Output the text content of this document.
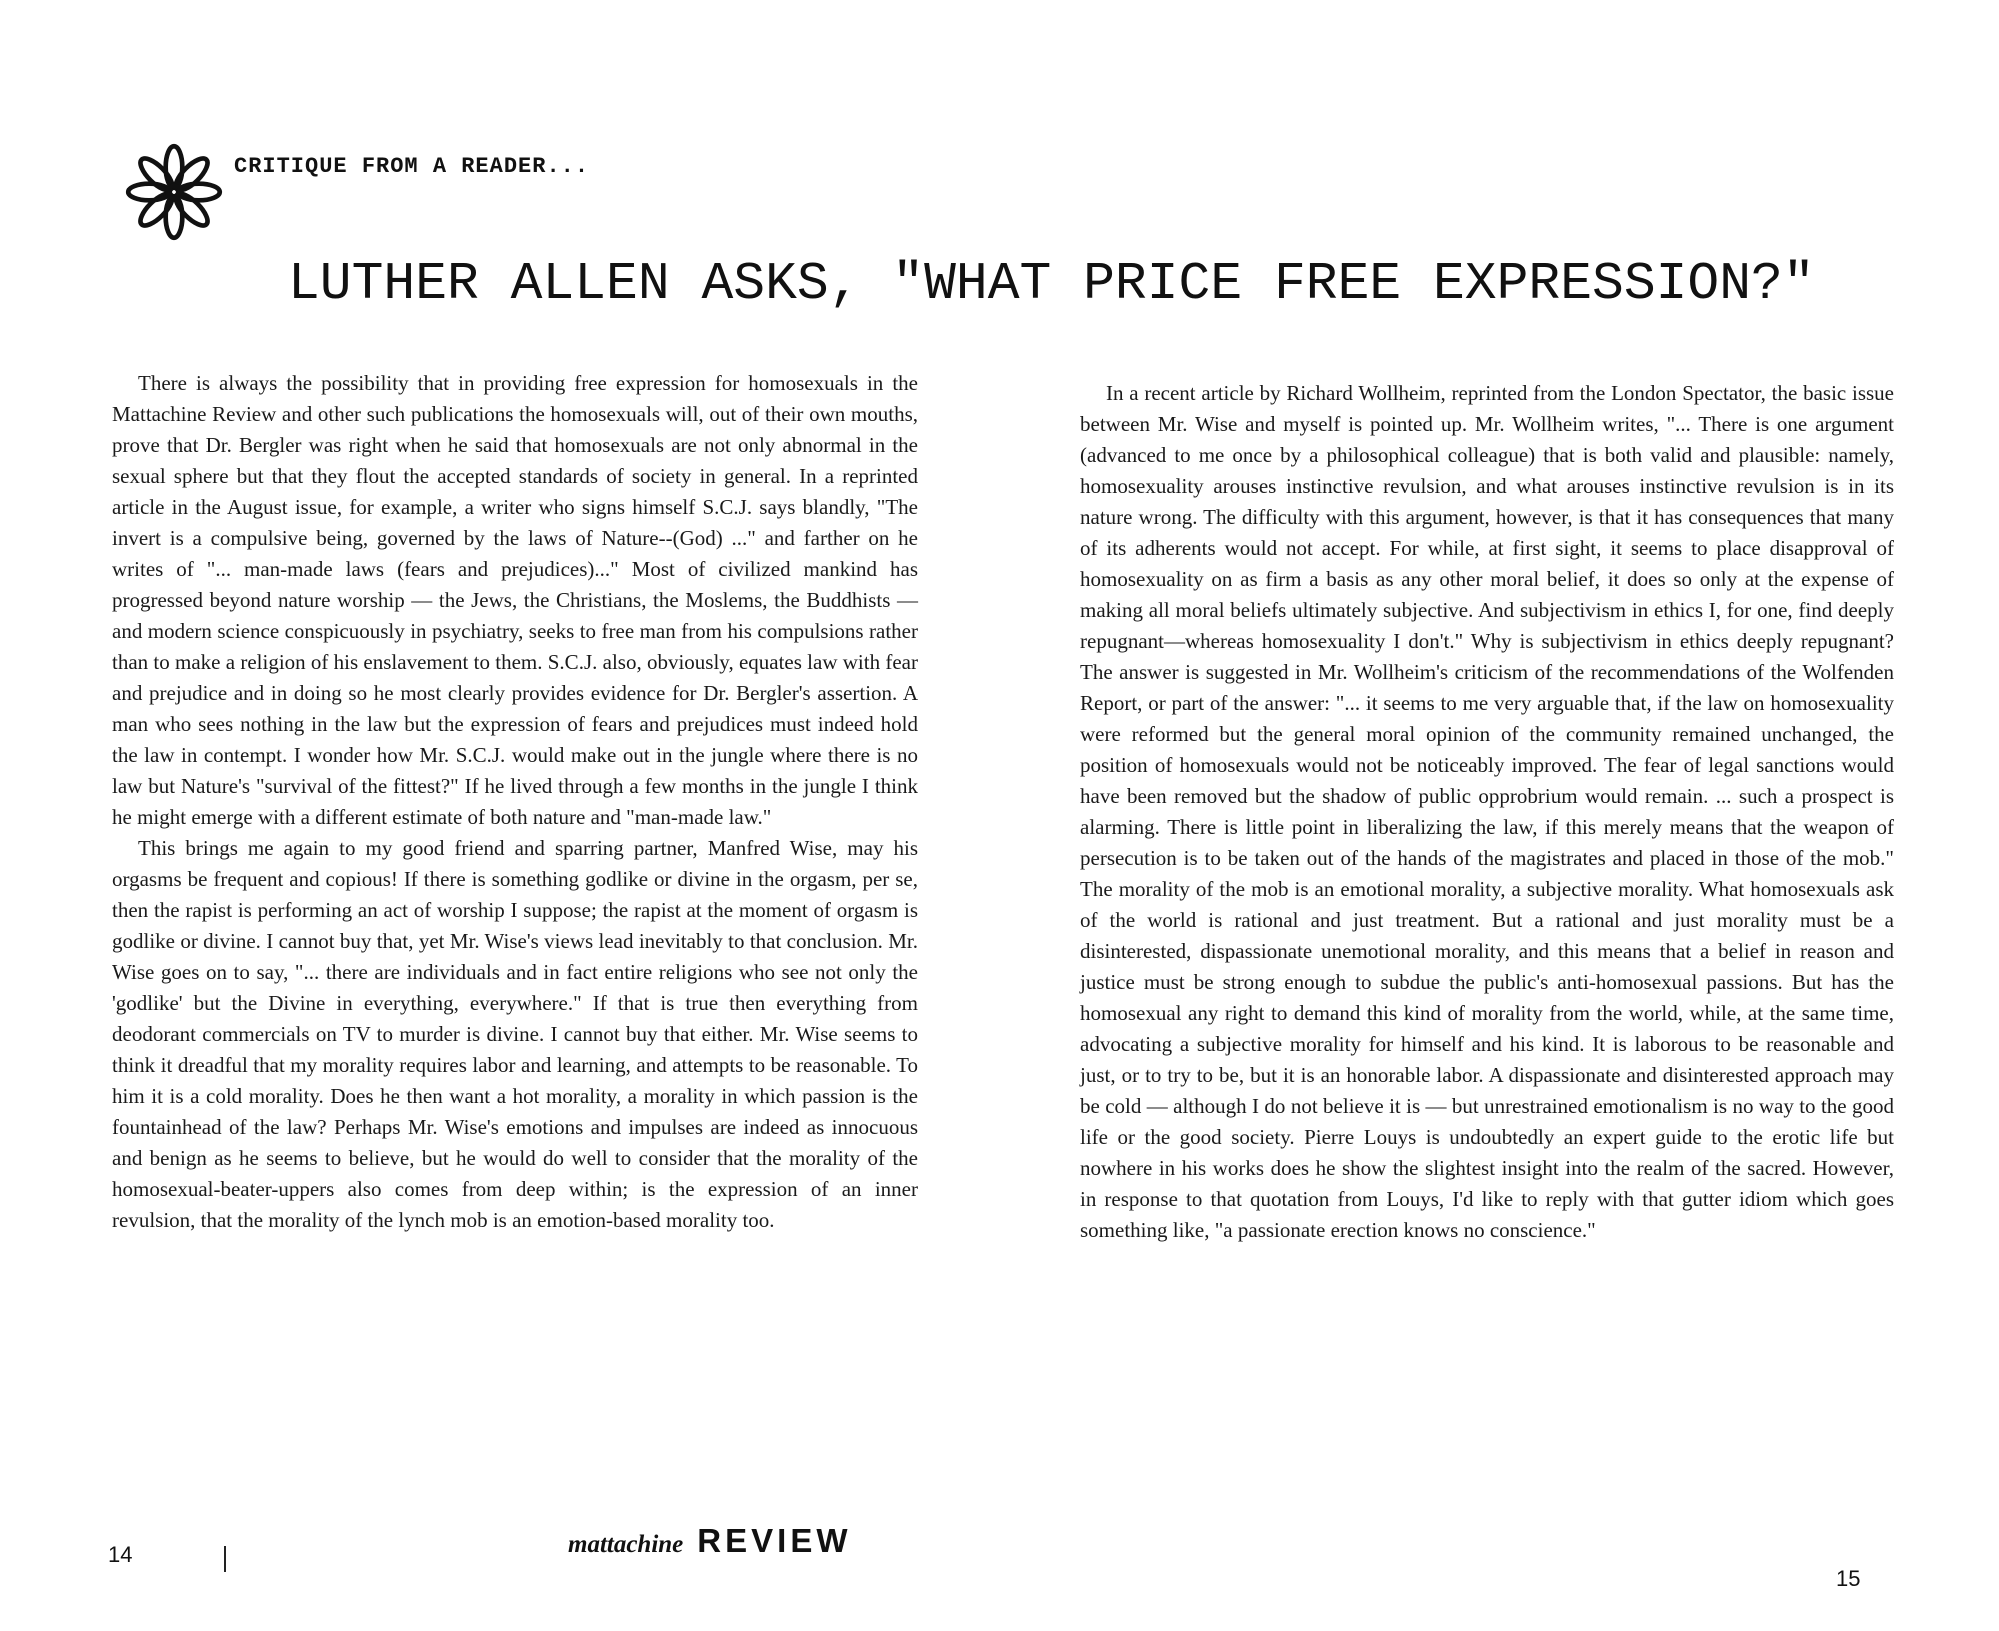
CRITIQUE FROM A READER...
LUTHER ALLEN ASKS, "WHAT PRICE FREE EXPRESSION?"

There is always the possibility that in providing free expression for homosexuals in the Mattachine Review and other such publications the homosexuals will, out of their own mouths, prove that Dr. Bergler was right when he said that homosexuals are not only abnormal in the sexual sphere but that they flout the accepted standards of society in general. In a reprinted article in the August issue, for example, a writer who signs himself S.C.J. says blandly, "The invert is a compulsive being, governed by the laws of Nature--(God) ..." and farther on he writes of "... man-made laws (fears and prejudices)..." Most of civilized mankind has progressed beyond nature worship — the Jews, the Christians, the Moslems, the Buddhists — and modern science conspicuously in psychiatry, seeks to free man from his compulsions rather than to make a religion of his enslavement to them. S.C.J. also, obviously, equates law with fear and prejudice and in doing so he most clearly provides evidence for Dr. Bergler's assertion. A man who sees nothing in the law but the expression of fears and prejudices must indeed hold the law in contempt. I wonder how Mr. S.C.J. would make out in the jungle where there is no law but Nature's "survival of the fittest?" If he lived through a few months in the jungle I think he might emerge with a different estimate of both nature and "man-made law."

This brings me again to my good friend and sparring partner, Manfred Wise, may his orgasms be frequent and copious! If there is something godlike or divine in the orgasm, per se, then the rapist is performing an act of worship I suppose; the rapist at the moment of orgasm is godlike or divine. I cannot buy that, yet Mr. Wise's views lead inevitably to that conclusion. Mr. Wise goes on to say, "... there are individuals and in fact entire religions who see not only the 'godlike' but the Divine in everything, everywhere." If that is true then everything from deodorant commercials on TV to murder is divine. I cannot buy that either. Mr. Wise seems to think it dreadful that my morality requires labor and learning, and attempts to be reasonable. To him it is a cold morality. Does he then want a hot morality, a morality in which passion is the fountainhead of the law? Perhaps Mr. Wise's emotions and impulses are indeed as innocuous and benign as he seems to believe, but he would do well to consider that the morality of the homosexual-beater-uppers also comes from deep within; is the expression of an inner revulsion, that the morality of the lynch mob is an emotion-based morality too.

In a recent article by Richard Wollheim, reprinted from the London Spectator, the basic issue between Mr. Wise and myself is pointed up. Mr. Wollheim writes, "... There is one argument (advanced to me once by a philosophical colleague) that is both valid and plausible: namely, homosexuality arouses instinctive revulsion, and what arouses instinctive revulsion is in its nature wrong. The difficulty with this argument, however, is that it has consequences that many of its adherents would not accept. For while, at first sight, it seems to place disapproval of homosexuality on as firm a basis as any other moral belief, it does so only at the expense of making all moral beliefs ultimately subjective. And subjectivism in ethics I, for one, find deeply repugnant—whereas homosexuality I don't." Why is subjectivism in ethics deeply repugnant? The answer is suggested in Mr. Wollheim's criticism of the recommendations of the Wolfenden Report, or part of the answer: "... it seems to me very arguable that, if the law on homosexuality were reformed but the general moral opinion of the community remained unchanged, the position of homosexuals would not be noticeably improved. The fear of legal sanctions would have been removed but the shadow of public opprobrium would remain. ... such a prospect is alarming. There is little point in liberalizing the law, if this merely means that the weapon of persecution is to be taken out of the hands of the magistrates and placed in those of the mob." The morality of the mob is an emotional morality, a subjective morality. What homosexuals ask of the world is rational and just treatment. But a rational and just morality must be a disinterested, dispassionate unemotional morality, and this means that a belief in reason and justice must be strong enough to subdue the public's anti-homosexual passions. But has the homosexual any right to demand this kind of morality from the world, while, at the same time, advocating a subjective morality for himself and his kind. It is laborous to be reasonable and just, or to try to be, but it is an honorable labor. A dispassionate and disinterested approach may be cold — although I do not believe it is — but unrestrained emotionalism is no way to the good life or the good society. Pierre Louys is undoubtedly an expert guide to the erotic life but nowhere in his works does he show the slightest insight into the realm of the sacred. However, in response to that quotation from Louys, I'd like to reply with that gutter idiom which goes something like, "a passionate erection knows no conscience."

14	mattachine REVIEW
15
